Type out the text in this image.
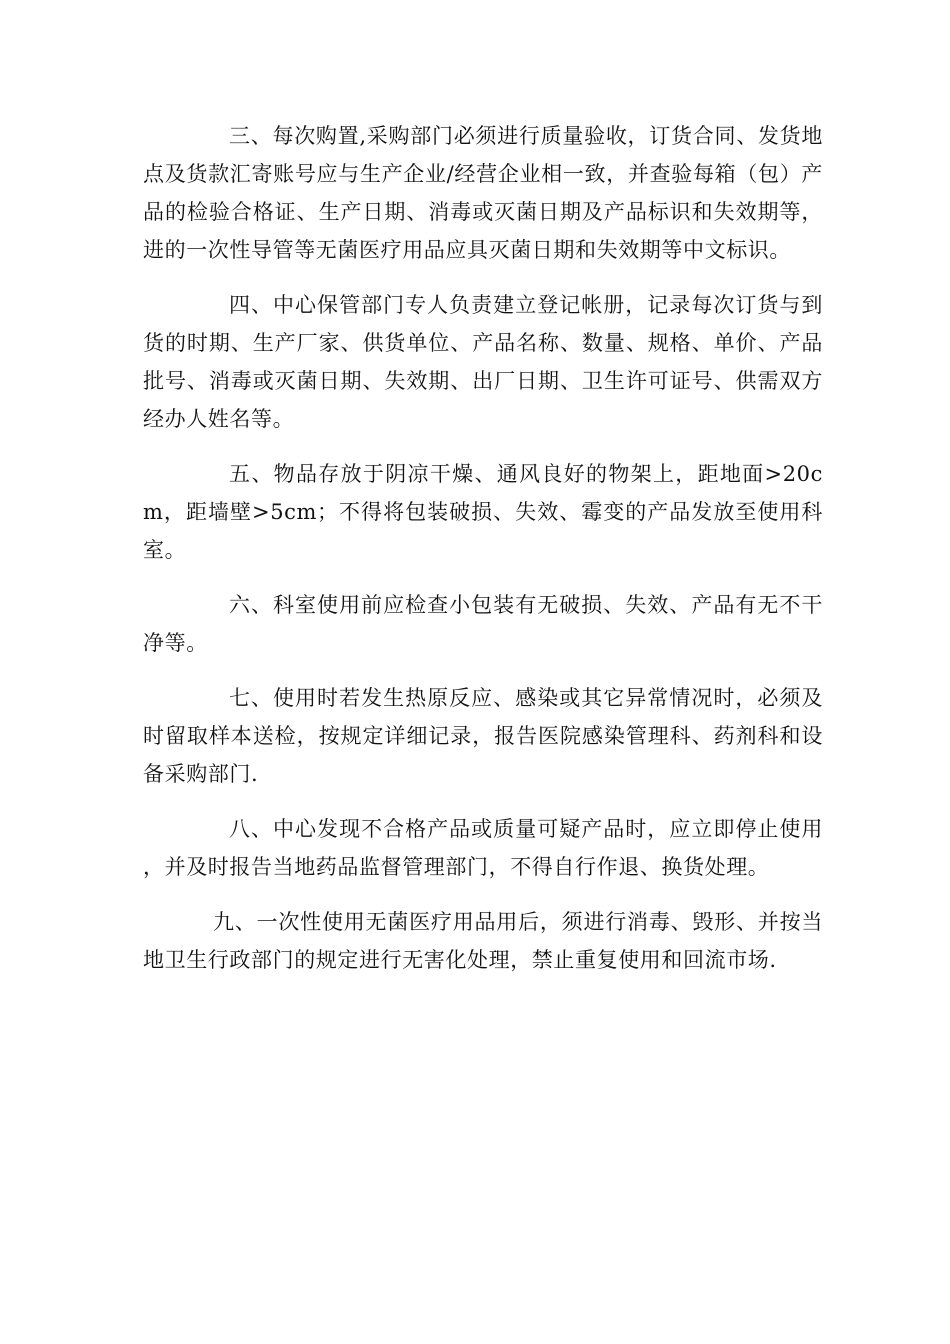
三、每次购置,采购部门必须进行质量验收，订货合同、发货地点及货款汇寄账号应与生产企业/经营企业相一致，并查验每箱（包）产品的检验合格证、生产日期、消毒或灭菌日期及产品标识和失效期等，进的一次性导管等无菌医疗用品应具灭菌日期和失效期等中文标识。

四、中心保管部门专人负责建立登记帐册，记录每次订货与到货的时期、生产厂家、供货单位、产品名称、数量、规格、单价、产品批号、消毒或灭菌日期、失效期、出厂日期、卫生许可证号、供需双方经办人姓名等。

五、物品存放于阴凉干燥、通风良好的物架上，距地面>20cm，距墙壁>5cm；不得将包装破损、失效、霉变的产品发放至使用科室。

六、科室使用前应检查小包装有无破损、失效、产品有无不干净等。

七、使用时若发生热原反应、感染或其它异常情况时，必须及时留取样本送检，按规定详细记录，报告医院感染管理科、药剂科和设备采购部门.

八、中心发现不合格产品或质量可疑产品时，应立即停止使用，并及时报告当地药品监督管理部门，不得自行作退、换货处理。

九、一次性使用无菌医疗用品用后，须进行消毒、毁形、并按当地卫生行政部门的规定进行无害化处理，禁止重复使用和回流市场.
